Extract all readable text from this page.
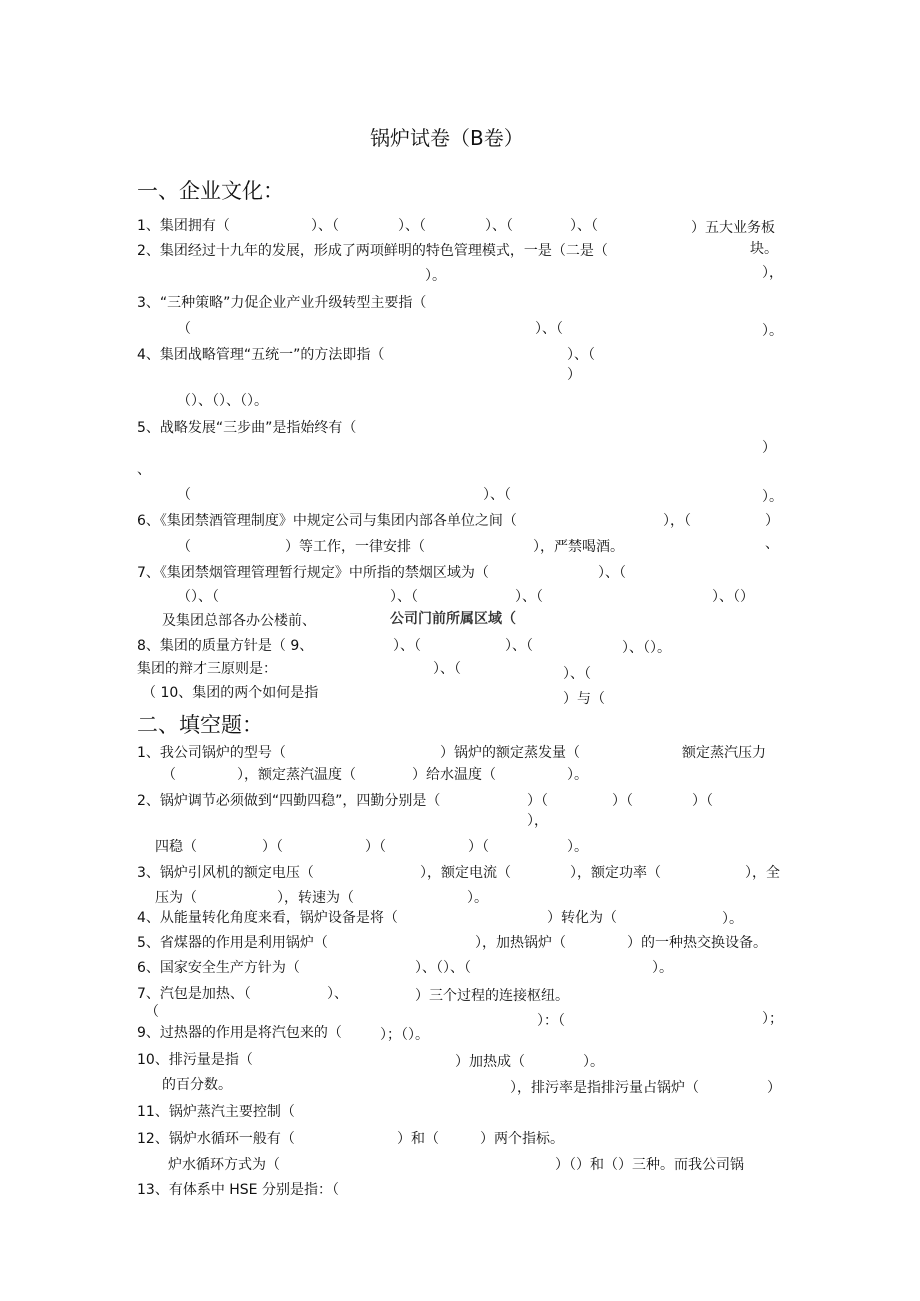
锅炉试卷（B卷）
一、企业文化：
1、集团拥有（	）、（	）、（	）、（	）、（	）五大业务板
块。
2、集团经过十九年的发展，形成了两项鲜明的特色管理模式，一是（二是（
），
）。
3、“三种策略”力促企业产业升级转型主要指（
（	）、（	）。
4、集团战略管理“五统一”的方法即指（	）、（
）
（）、（）、（）。
5、战略发展“三步曲”是指始终有（
）
、
（	）、（	）。
6、《集团禁酒管理制度》中规定公司与集团内部各单位之间（	），（	）
（	）等工作，一律安排（	），严禁喝酒。	、
7、《集团禁烟管理管理暂行规定》中所指的禁烟区域为（	）、（
（）、（	）、（	）、（	）、（）
及集团总部各办公楼前、	公司门前所属区域（
8、集团的质量方针是（ 9、	）、（	）、（	）、（）。
集团的辩才三原则是：	）、（	）、（
（ 10、集团的两个如何是指	）与（
二、填空题：
1、我公司锅炉的型号（	）锅炉的额定蒸发量（	额定蒸汽压力
（	），额定蒸汽温度（	）给水温度（	）。
2、锅炉调节必须做到“四勤四稳”，四勤分别是（	）（	）（	）（
），
四稳（	）（	）（	）（	）。
3、锅炉引风机的额定电压（	），额定电流（	），额定功率（	），全
压为（	），转速为（	）。
4、从能量转化角度来看，锅炉设备是将（	）转化为（	）。
5、省煤器的作用是利用锅炉（	），加热锅炉（	）的一种热交换设备。
6、国家安全生产方针为（	）、（）、（	）。
7、汽包是加热、（	）、	）三个过程的连接枢纽。
（
）：（	）；
9、过热器的作用是将汽包来的（	）；（）。
10、排污量是指（	）加热成（	）。
的百分数。	），排污率是指排污量占锅炉（	）
11、锅炉蒸汽主要控制（
12、锅炉水循环一般有（	）和（	）两个指标。
炉水循环方式为（	）（）和（）三种。而我公司锅
13、有体系中 HSE 分别是指：（
